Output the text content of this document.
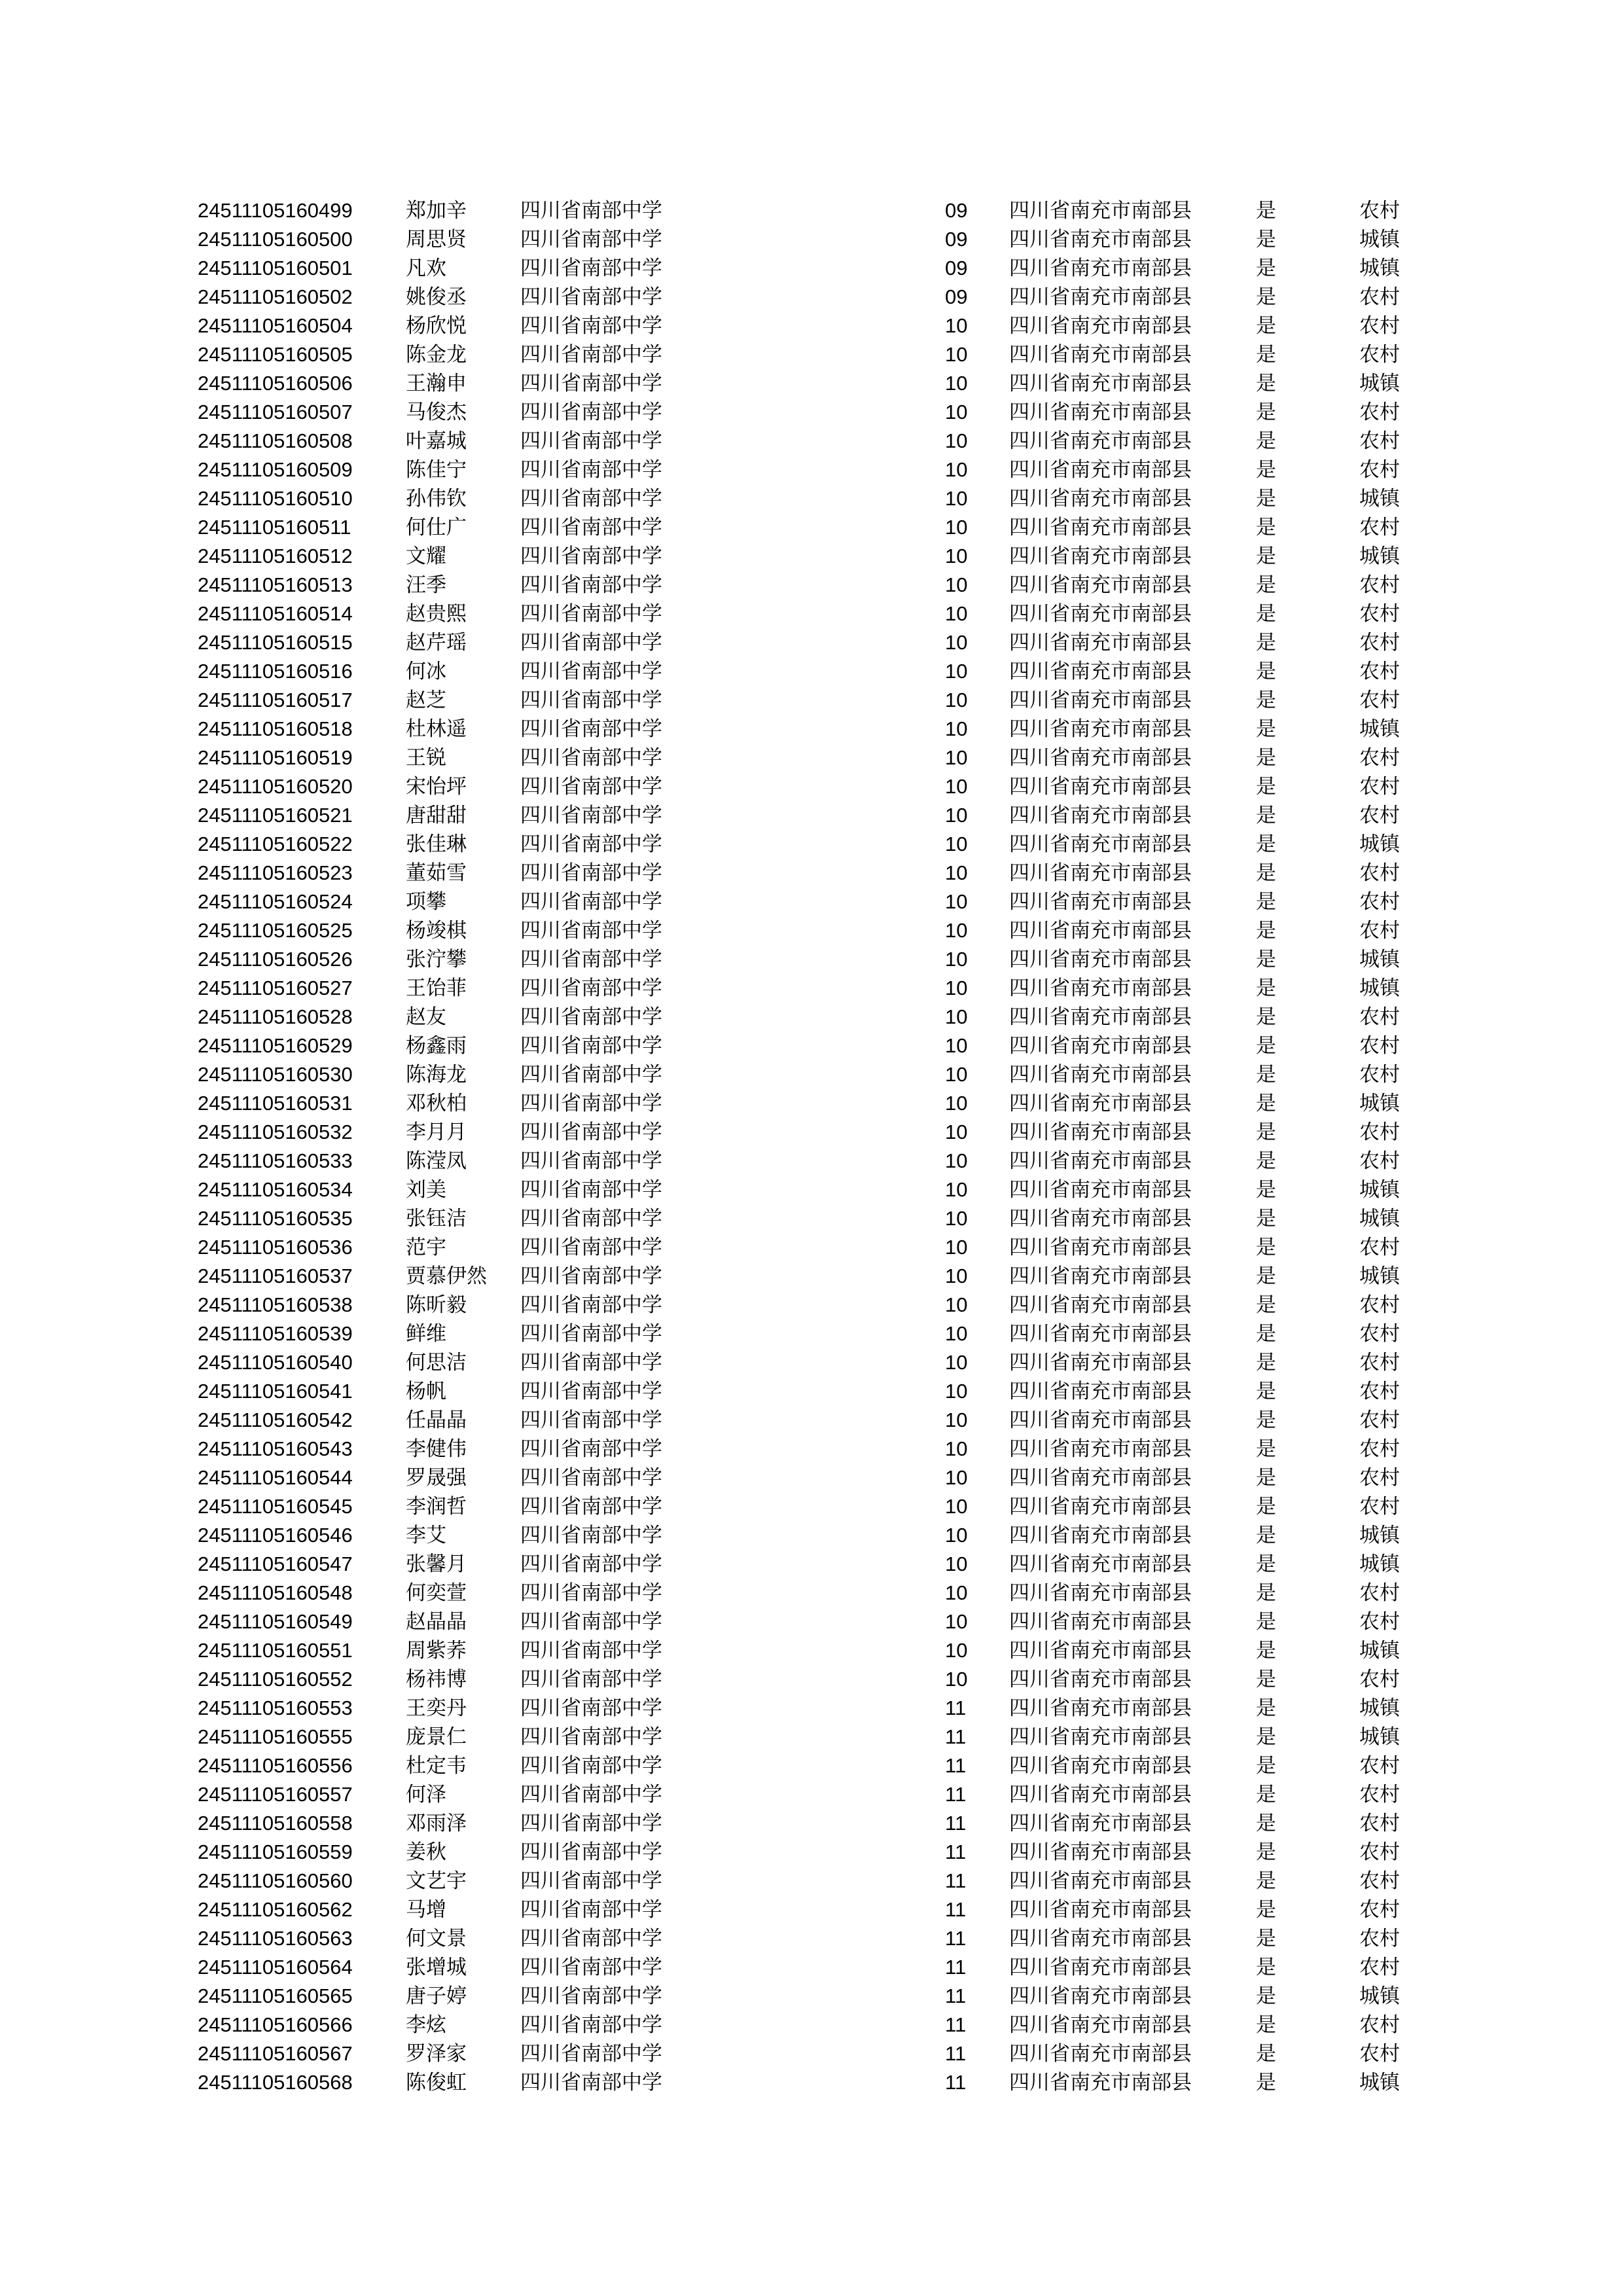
24511105160499	郑加辛	四川省南部中学	09 四川省南充市南部县	是	农村
24511105160500	周思贤	四川省南部中学	09 四川省南充市南部县	是	城镇
24511105160501	凡欢	四川省南部中学	09 四川省南充市南部县	是	城镇
24511105160502	姚俊丞	四川省南部中学	09 四川省南充市南部县	是	农村
24511105160504	杨欣悦	四川省南部中学	10 四川省南充市南部县	是	农村
24511105160505	陈金龙	四川省南部中学	10 四川省南充市南部县	是	农村
24511105160506	王瀚申	四川省南部中学	10 四川省南充市南部县	是	城镇
24511105160507	马俊杰	四川省南部中学	10 四川省南充市南部县	是	农村
24511105160508	叶嘉城	四川省南部中学	10 四川省南充市南部县	是	农村
24511105160509	陈佳宁	四川省南部中学	10 四川省南充市南部县	是	农村
24511105160510	孙伟钦	四川省南部中学	10 四川省南充市南部县	是	城镇
24511105160511	何仕广	四川省南部中学	10 四川省南充市南部县	是	农村
24511105160512	文耀	四川省南部中学	10 四川省南充市南部县	是	城镇
24511105160513	汪季	四川省南部中学	10 四川省南充市南部县	是	农村
24511105160514	赵贵熙	四川省南部中学	10 四川省南充市南部县	是	农村
24511105160515	赵芹瑶	四川省南部中学	10 四川省南充市南部县	是	农村
24511105160516	何冰	四川省南部中学	10 四川省南充市南部县	是	农村
24511105160517	赵芝	四川省南部中学	10 四川省南充市南部县	是	农村
24511105160518	杜林遥	四川省南部中学	10 四川省南充市南部县	是	城镇
24511105160519	王锐	四川省南部中学	10 四川省南充市南部县	是	农村
24511105160520	宋怡坪	四川省南部中学	10 四川省南充市南部县	是	农村
24511105160521	唐甜甜	四川省南部中学	10 四川省南充市南部县	是	农村
24511105160522	张佳琳	四川省南部中学	10 四川省南充市南部县	是	城镇
24511105160523	董茹雪	四川省南部中学	10 四川省南充市南部县	是	农村
24511105160524	项攀	四川省南部中学	10 四川省南充市南部县	是	农村
24511105160525	杨竣棋	四川省南部中学	10 四川省南充市南部县	是	农村
24511105160526	张泞攀	四川省南部中学	10 四川省南充市南部县	是	城镇
24511105160527	王饴菲	四川省南部中学	10 四川省南充市南部县	是	城镇
24511105160528	赵友	四川省南部中学	10 四川省南充市南部县	是	农村
24511105160529	杨鑫雨	四川省南部中学	10 四川省南充市南部县	是	农村
24511105160530	陈海龙	四川省南部中学	10 四川省南充市南部县	是	农村
24511105160531	邓秋柏	四川省南部中学	10 四川省南充市南部县	是	城镇
24511105160532	李月月	四川省南部中学	10 四川省南充市南部县	是	农村
24511105160533	陈滢凤	四川省南部中学	10 四川省南充市南部县	是	农村
24511105160534	刘美	四川省南部中学	10 四川省南充市南部县	是	城镇
24511105160535	张钰洁	四川省南部中学	10 四川省南充市南部县	是	城镇
24511105160536	范宇	四川省南部中学	10 四川省南充市南部县	是	农村
24511105160537	贾慕伊然 四川省南部中学	10 四川省南充市南部县	是	城镇
24511105160538	陈昕毅	四川省南部中学	10 四川省南充市南部县	是	农村
24511105160539	鲜维	四川省南部中学	10 四川省南充市南部县	是	农村
24511105160540	何思洁	四川省南部中学	10 四川省南充市南部县	是	农村
24511105160541	杨帆	四川省南部中学	10 四川省南充市南部县	是	农村
24511105160542	任晶晶	四川省南部中学	10 四川省南充市南部县	是	农村
24511105160543	李健伟	四川省南部中学	10 四川省南充市南部县	是	农村
24511105160544	罗晟强	四川省南部中学	10 四川省南充市南部县	是	农村
24511105160545	李润哲	四川省南部中学	10 四川省南充市南部县	是	农村
24511105160546	李艾	四川省南部中学	10 四川省南充市南部县	是	城镇
24511105160547	张馨月	四川省南部中学	10 四川省南充市南部县	是	城镇
24511105160548	何奕萱	四川省南部中学	10 四川省南充市南部县	是	农村
24511105160549	赵晶晶	四川省南部中学	10 四川省南充市南部县	是	农村
24511105160551	周紫荞	四川省南部中学	10 四川省南充市南部县	是	城镇
24511105160552	杨祎博	四川省南部中学	10 四川省南充市南部县	是	农村
24511105160553	王奕丹	四川省南部中学	11 四川省南充市南部县	是	城镇
24511105160555	庞景仁	四川省南部中学	11 四川省南充市南部县	是	城镇
24511105160556	杜定韦	四川省南部中学	11 四川省南充市南部县	是	农村
24511105160557	何泽	四川省南部中学	11 四川省南充市南部县	是	农村
24511105160558	邓雨泽	四川省南部中学	11 四川省南充市南部县	是	农村
24511105160559	姜秋	四川省南部中学	11 四川省南充市南部县	是	农村
24511105160560	文艺宇	四川省南部中学	11 四川省南充市南部县	是	农村
24511105160562	马增	四川省南部中学	11 四川省南充市南部县	是	农村
24511105160563	何文景	四川省南部中学	11 四川省南充市南部县	是	农村
24511105160564	张增城	四川省南部中学	11 四川省南充市南部县	是	农村
24511105160565	唐子婷	四川省南部中学	11 四川省南充市南部县	是	城镇
24511105160566	李炫	四川省南部中学	11 四川省南充市南部县	是	农村
24511105160567	罗泽家	四川省南部中学	11 四川省南充市南部县	是	农村
24511105160568	陈俊虹	四川省南部中学	11 四川省南充市南部县	是	城镇
